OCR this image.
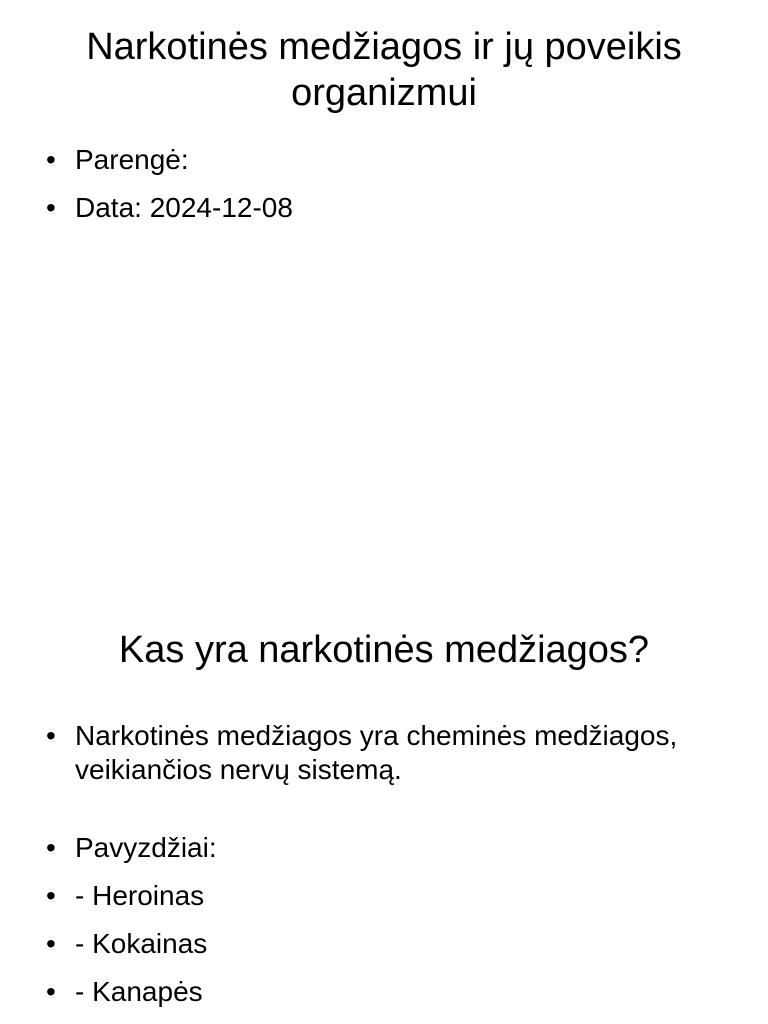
Narkotinės medžiagos ir jų poveikis organizmui
• Parengė:
• Data: 2024-12-08
Kas yra narkotinės medžiagos?
• Narkotinės medžiagos yra cheminės medžiagos, veikiančios nervų sistemą.
• Pavyzdžiai:
• - Heroinas
• - Kokainas
• - Kanapės
